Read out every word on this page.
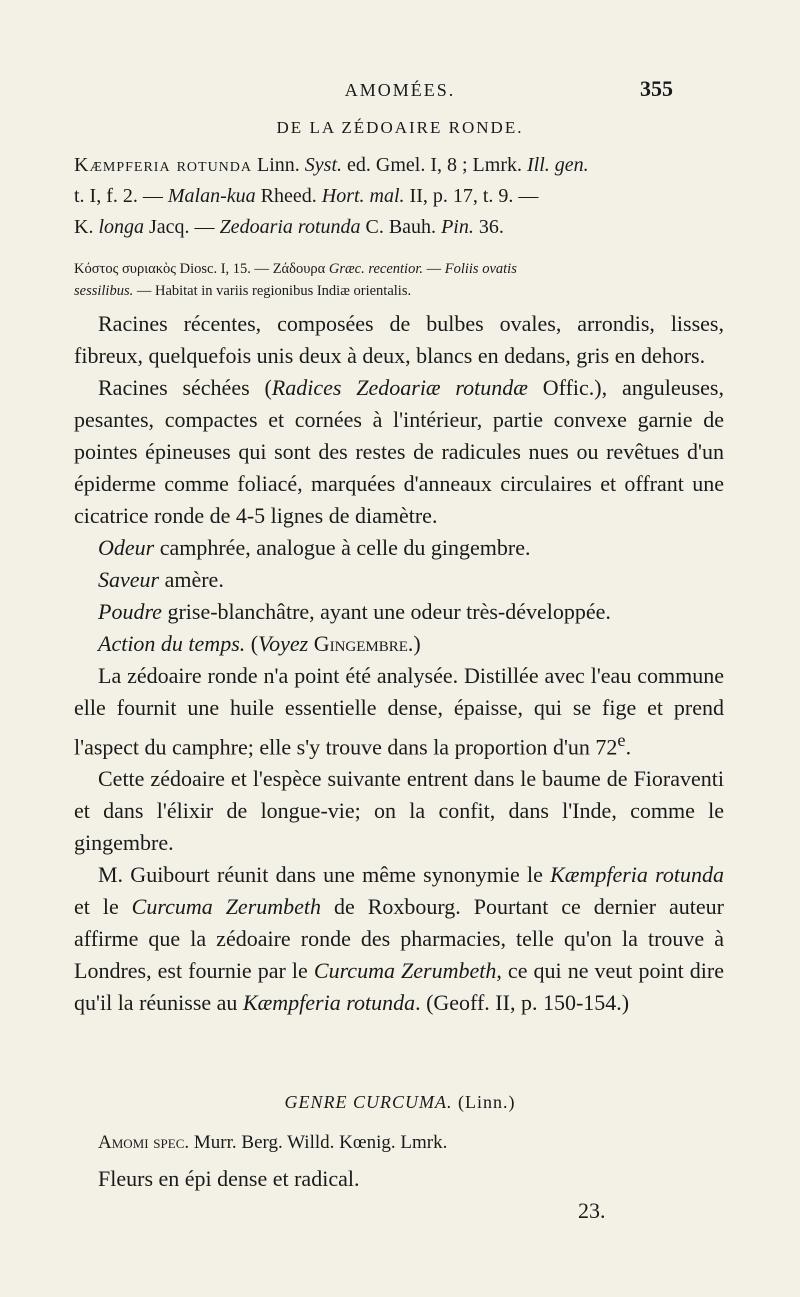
AMOMÉES.	355
DE LA ZÉDOAIRE RONDE.
Kæmpferia rotunda Linn. Syst. ed. Gmel. I, 8 ; Lmrk. Ill. gen.
t. I, f. 2. — Malan-kua Rheed. Hort. mal. II, p. 17, t. 9. —
K. longa Jacq. — Zedoaria rotunda C. Bauh. Pin. 36.
Κόστος συριακὸς Diosc. I, 15. — Ζάδουρα Græc. recentior. — Foliis ovatis
sessilibus. — Habitat in variis regionibus Indiæ orientalis.

Racines récentes, composées de bulbes ovales, arrondis, lisses, fibreux, quelquefois unis deux à deux, blancs en dedans, gris en dehors.

Racines séchées (Radices Zedoariæ rotundæ Offic.), anguleuses, pesantes, compactes et cornées à l'intérieur, partie convexe garnie de pointes épineuses qui sont des restes de radicules nues ou revêtues d'un épiderme comme foliacé, marquées d'anneaux circulaires et offrant une cicatrice ronde de 4-5 lignes de diamètre.

Odeur camphrée, analogue à celle du gingembre.

Saveur amère.

Poudre grise-blanchâtre, ayant une odeur très-développée.

Action du temps. (Voyez Gingembre.)

La zédoaire ronde n'a point été analysée. Distillée avec l'eau commune elle fournit une huile essentielle dense, épaisse, qui se fige et prend l'aspect du camphre; elle s'y trouve dans la proportion d'un 72e.

Cette zédoaire et l'espèce suivante entrent dans le baume de Fioraventi et dans l'élixir de longue-vie; on la confit, dans l'Inde, comme le gingembre.

M. Guibourt réunit dans une même synonymie le Kæmpferia rotunda et le Curcuma Zerumbeth de Roxbourg. Pourtant ce dernier auteur affirme que la zédoaire ronde des pharmacies, telle qu'on la trouve à Londres, est fournie par le Curcuma Zerumbeth, ce qui ne veut point dire qu'il la réunisse au Kæmpferia rotunda. (Geoff. II, p. 150-154.)

GENRE CURCUMA. (Linn.)
Amomi spec. Murr. Berg. Willd. Kœnig. Lmrk.
Fleurs en épi dense et radical.
23.
